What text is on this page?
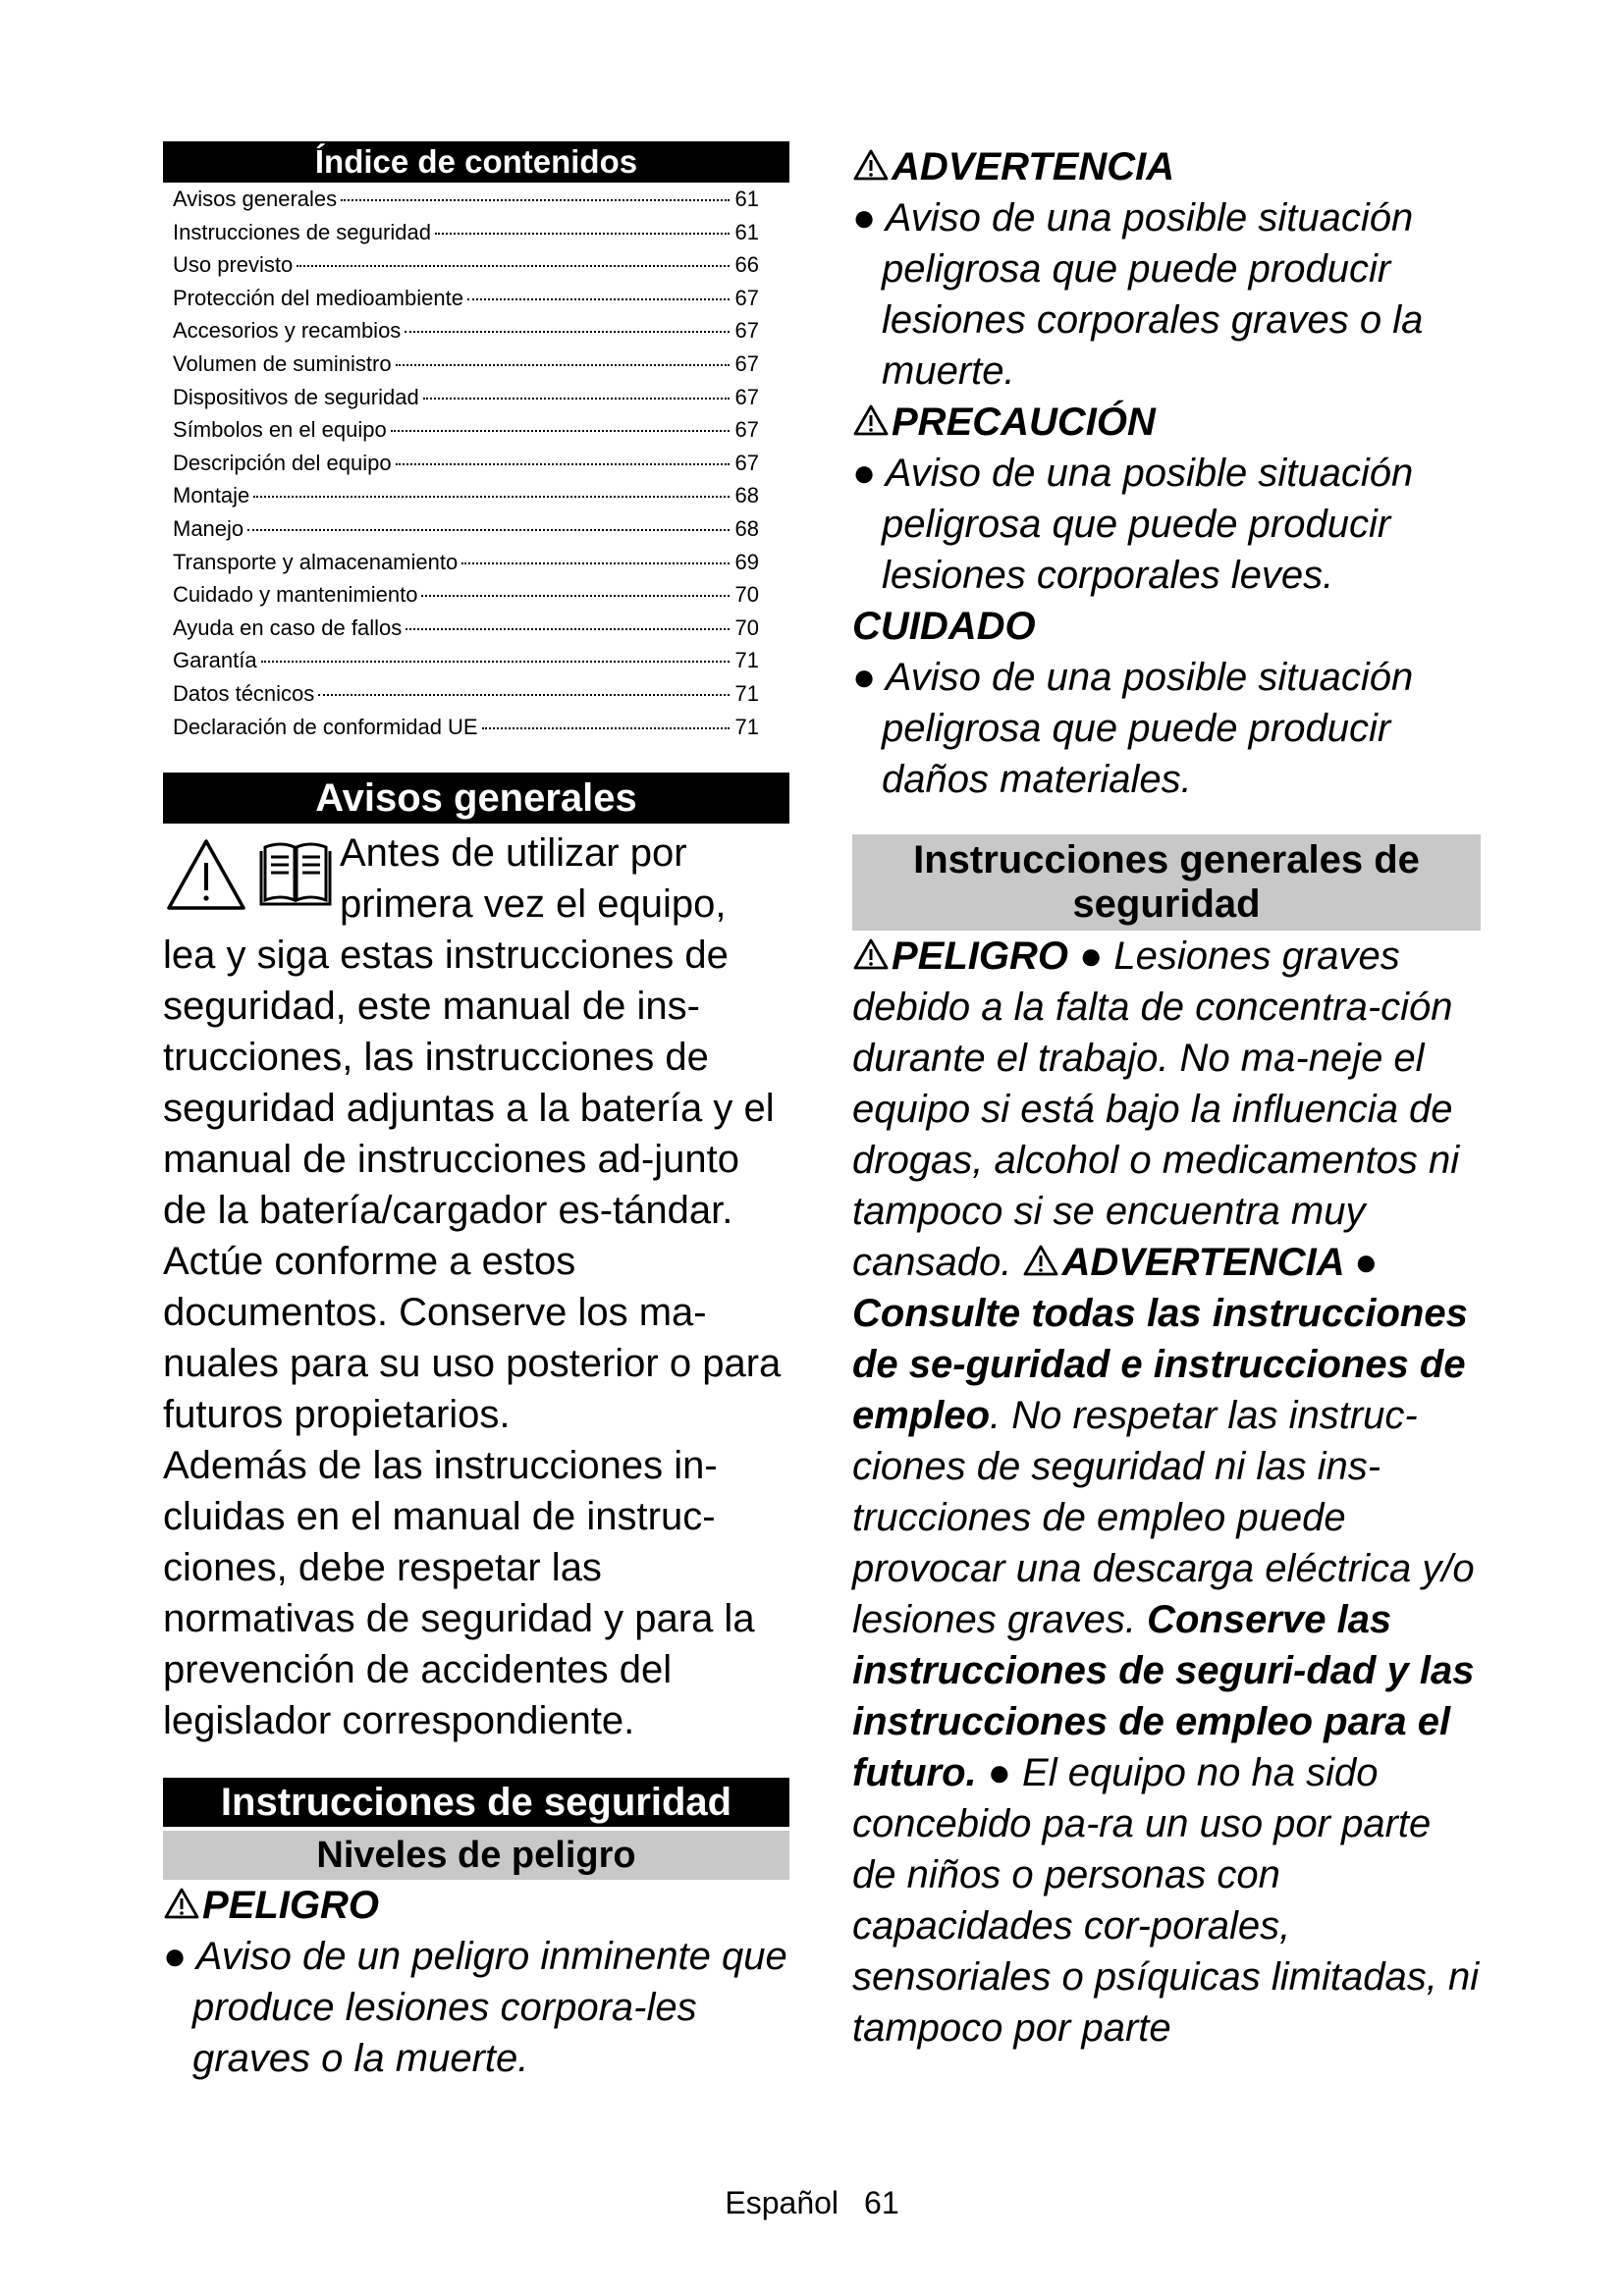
Índice de contenidos
Avisos generales	61
Instrucciones de seguridad	61
Uso previsto	66
Protección del medioambiente	67
Accesorios y recambios	67
Volumen de suministro	67
Dispositivos de seguridad	67
Símbolos en el equipo	67
Descripción del equipo	67
Montaje	68
Manejo	68
Transporte y almacenamiento	69
Cuidado y mantenimiento	70
Ayuda en caso de fallos	70
Garantía	71
Datos técnicos	71
Declaración de conformidad UE	71
Avisos generales

Antes de utilizar por primera vez el equipo,

lea y siga estas instrucciones de seguridad, este manual de ins-trucciones, las instrucciones de seguridad adjuntas a la batería y el manual de instrucciones ad-junto de la batería/cargador es-tándar. Actúe conforme a estos documentos. Conserve los ma-nuales para su uso posterior o para futuros propietarios.

Además de las instrucciones in-cluidas en el manual de instruc-ciones, debe respetar las normativas de seguridad y para la prevención de accidentes del legislador correspondiente.

Instrucciones de seguridad
Niveles de peligro

PELIGRO

● Aviso de un peligro inminente que produce lesiones corpora-les graves o la muerte.

ADVERTENCIA

● Aviso de una posible situación peligrosa que puede producir lesiones corporales graves o la muerte.

PRECAUCIÓN

● Aviso de una posible situación peligrosa que puede producir lesiones corporales leves.

CUIDADO

● Aviso de una posible situación peligrosa que puede producir daños materiales.

Instrucciones generales de seguridad

PELIGRO ● Lesiones graves debido a la falta de concentra-ción durante el trabajo. No ma-neje el equipo si está bajo la influencia de drogas, alcohol o medicamentos ni tampoco si se encuentra muy cansado. ADVERTENCIA ● Consulte todas las instrucciones de se-guridad e instrucciones de empleo. No respetar las instruc-ciones de seguridad ni las ins-trucciones de empleo puede provocar una descarga eléctrica y/o lesiones graves. Conserve las instrucciones de seguri-dad y las instrucciones de empleo para el futuro. ● El equipo no ha sido concebido pa-ra un uso por parte de niños o personas con capacidades cor-porales, sensoriales o psíquicas limitadas, ni tampoco por parte

Español 61
